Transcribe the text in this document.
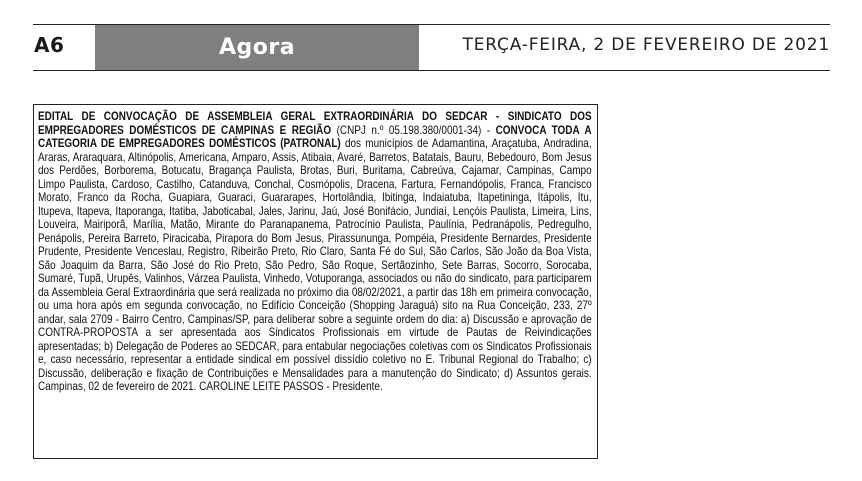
A6	Agora	TERÇA-FEIRA, 2 DE FEVEREIRO DE 2021
EDITAL DE CONVOCAÇÃO DE ASSEMBLEIA GERAL EXTRAORDINÁRIA DO SEDCAR - SINDICATO DOS EMPREGADORES DOMÉSTICOS DE CAMPINAS E REGIÃO (CNPJ n.º 05.198.380/0001-34) - CONVOCA TODA A CATEGORIA DE EMPREGADORES DOMÉSTICOS (PATRONAL) dos municípios de Adamantina, Araçatuba, Andradina, Araras, Araraquara, Altinópolis, Americana, Amparo, Assis, Atibaia, Avaré, Barretos, Batatais, Bauru, Bebedouro, Bom Jesus dos Perdões, Borborema, Botucatu, Bragança Paulista, Brotas, Buri, Buritama, Cabreúva, Cajamar, Campinas, Campo Limpo Paulista, Cardoso, Castilho, Catanduva, Conchal, Cosmópolis, Dracena, Fartura, Fernandópolis, Franca, Francisco Morato, Franco da Rocha, Guapiara, Guaraci, Guararapes, Hortolândia, Ibitinga, Indaiatuba, Itapetininga, Itápolis, Itu, Itupeva, Itapeva, Itaporanga, Itatiba, Jaboticabal, Jales, Jarinu, Jaú, José Bonifácio, Jundiaí, Lençóis Paulista, Limeira, Lins, Louveira, Mairiporã, Marília, Matão, Mirante do Paranapanema, Patrocínio Paulista, Paulínia, Pedranápolis, Pedregulho, Penápolis, Pereira Barreto, Piracicaba, Pirapora do Bom Jesus, Pirassununga, Pompéia, Presidente Bernardes, Presidente Prudente, Presidente Venceslau, Registro, Ribeirão Preto, Rio Claro, Santa Fé do Sul, São Carlos, São João da Boa Vista, São Joaquim da Barra, São José do Rio Preto, São Pedro, São Roque, Sertãozinho, Sete Barras, Socorro, Sorocaba, Sumaré, Tupã, Urupês, Valinhos, Várzea Paulista, Vinhedo, Votuporanga, associados ou não do sindicato, para participarem da Assembleia Geral Extraordinária que será realizada no próximo dia 08/02/2021, a partir das 18h em primeira convocação, ou uma hora após em segunda convocação, no Edifício Conceição (Shopping Jaraguá) sito na Rua Conceição, 233, 27º andar, sala 2709 - Bairro Centro, Campinas/SP, para deliberar sobre a seguinte ordem do dia: a) Discussão e aprovação de CONTRA-PROPOSTA a ser apresentada aos Sindicatos Profissionais em virtude de Pautas de Reivindicações apresentadas; b) Delegação de Poderes ao SEDCAR, para entabular negociações coletivas com os Sindicatos Profissionais e, caso necessário, representar a entidade sindical em possível dissídio coletivo no E. Tribunal Regional do Trabalho; c) Discussão, deliberação e fixação de Contribuições e Mensalidades para a manutenção do Sindicato; d) Assuntos gerais. Campinas, 02 de fevereiro de 2021. CAROLINE LEITE PASSOS - Presidente.
